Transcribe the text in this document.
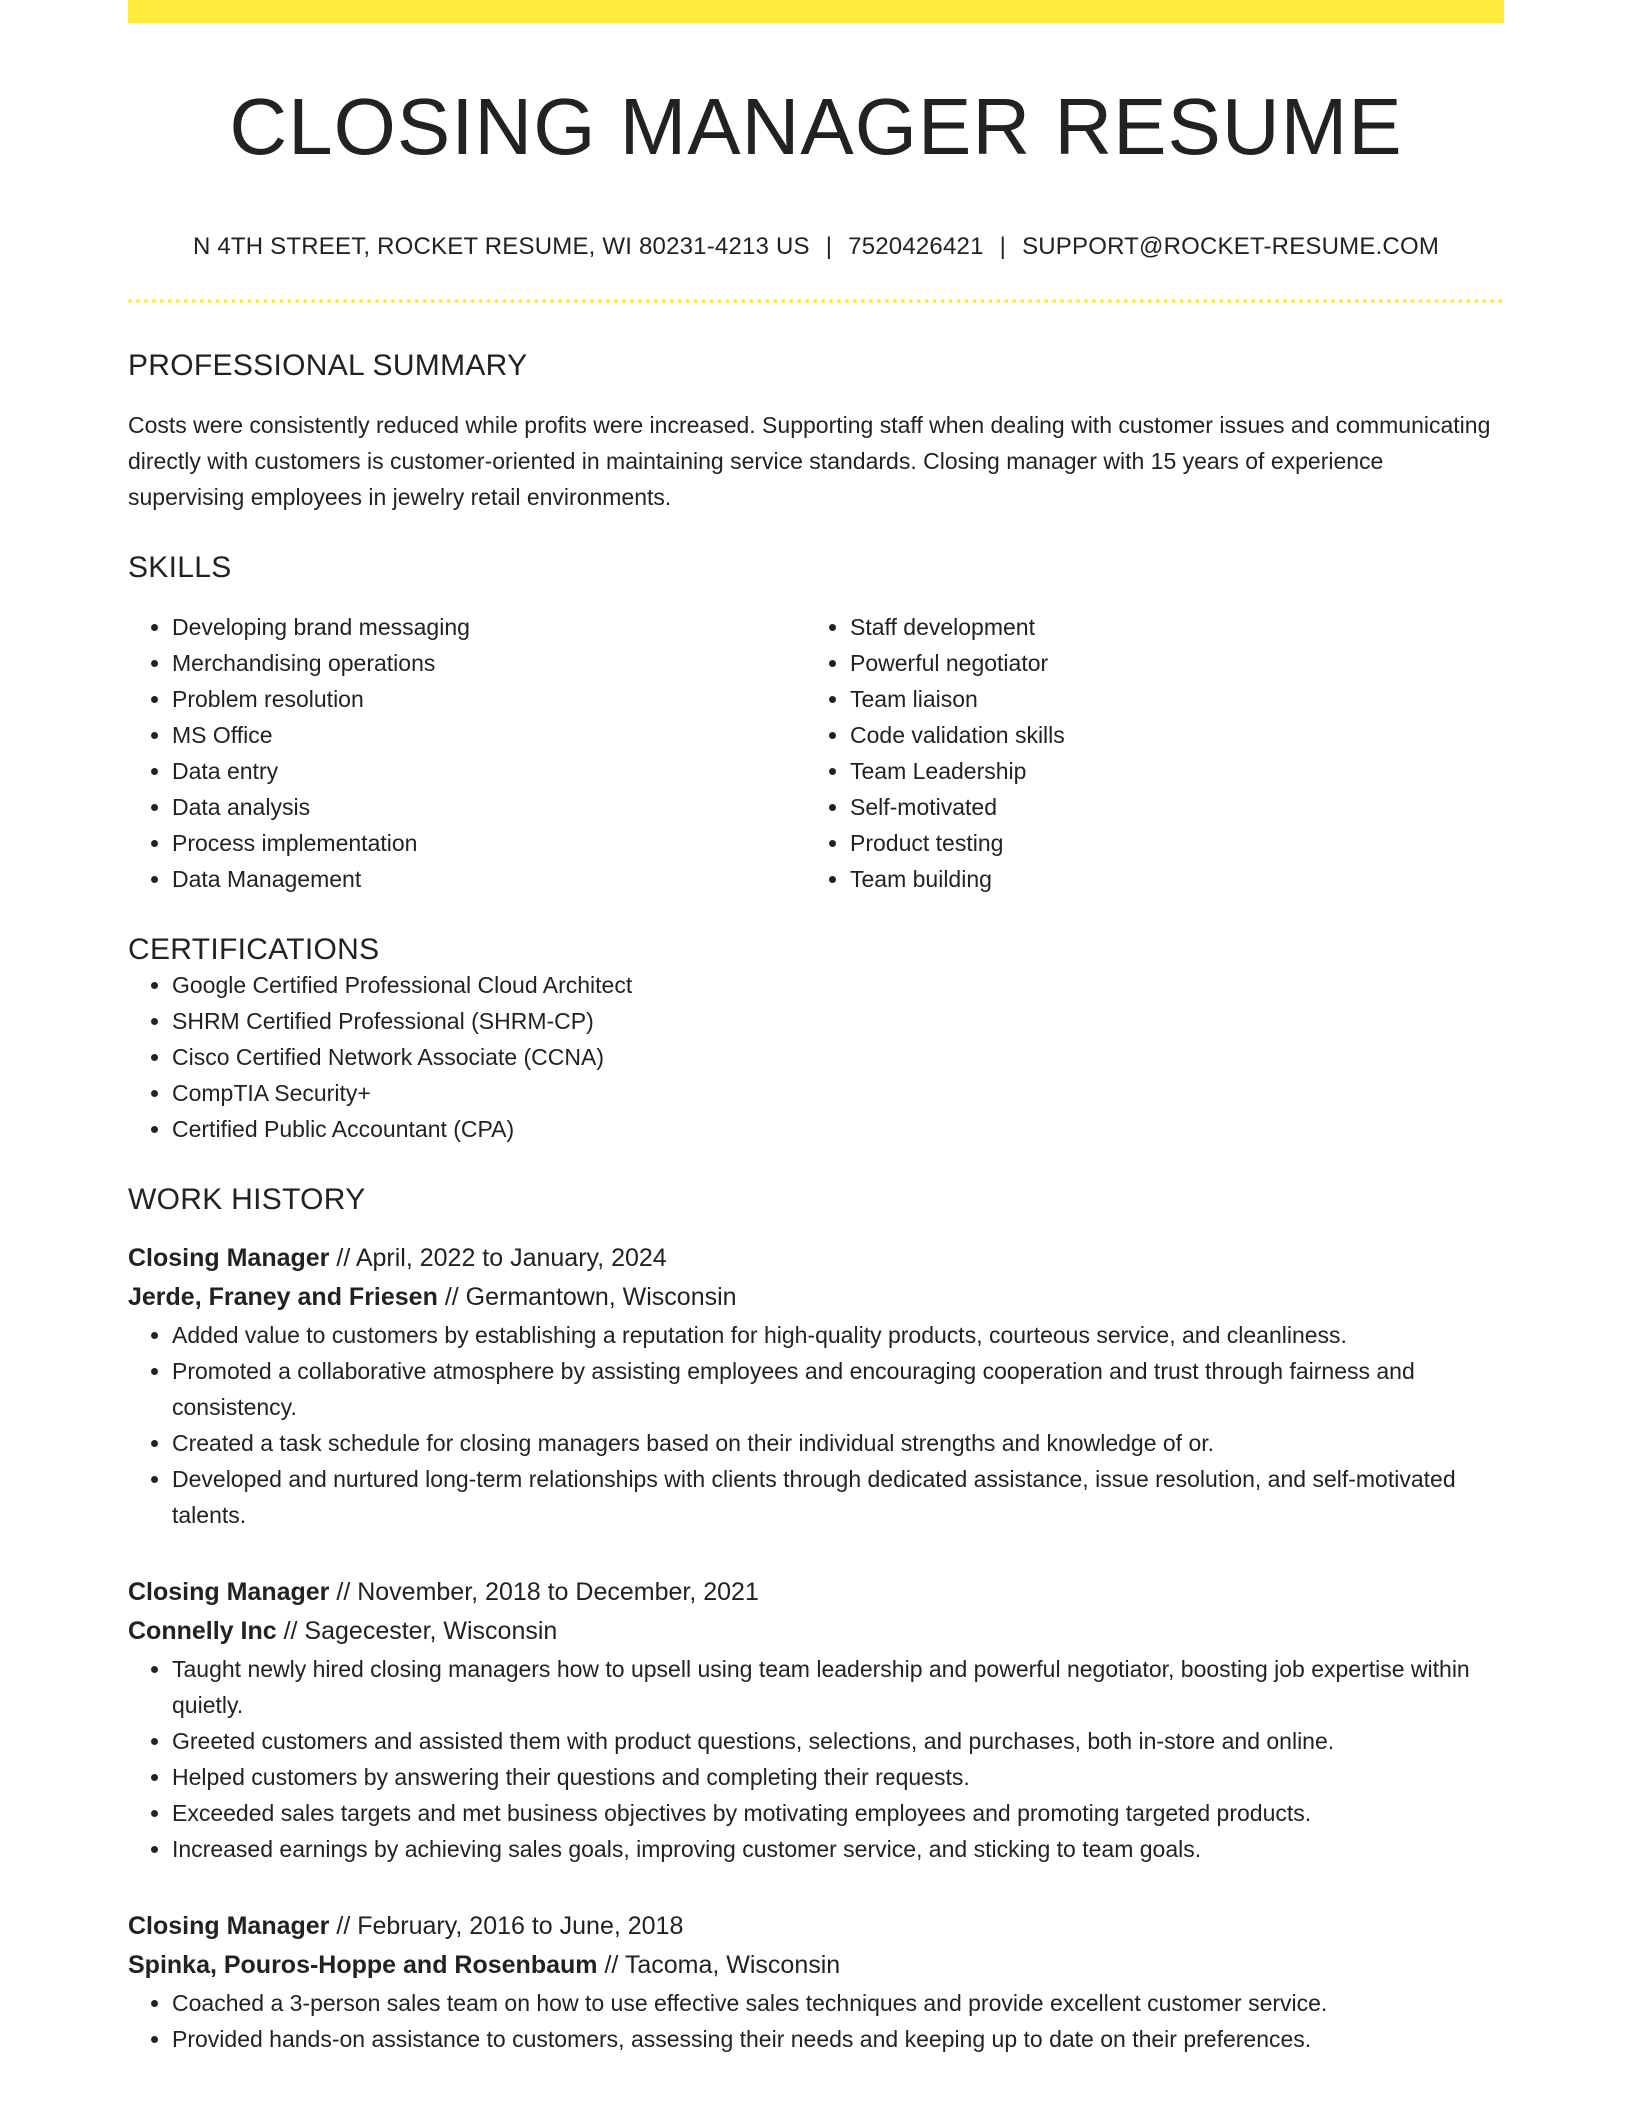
CLOSING MANAGER RESUME
N 4TH STREET, ROCKET RESUME, WI 80231-4213 US | 7520426421 | SUPPORT@ROCKET-RESUME.COM
PROFESSIONAL SUMMARY

Costs were consistently reduced while profits were increased. Supporting staff when dealing with customer issues and communicating directly with customers is customer-oriented in maintaining service standards. Closing manager with 15 years of experience supervising employees in jewelry retail environments.

SKILLS
• Developing brand messaging
• Merchandising operations
• Problem resolution
• MS Office
• Data entry
• Data analysis
• Process implementation
• Data Management
• Staff development
• Powerful negotiator
• Team liaison
• Code validation skills
• Team Leadership
• Self-motivated
• Product testing
• Team building
CERTIFICATIONS
• Google Certified Professional Cloud Architect
• SHRM Certified Professional (SHRM-CP)
• Cisco Certified Network Associate (CCNA)
• CompTIA Security+
• Certified Public Accountant (CPA)
WORK HISTORY
Closing Manager // April, 2022 to January, 2024
Jerde, Franey and Friesen // Germantown, Wisconsin
• Added value to customers by establishing a reputation for high-quality products, courteous service, and cleanliness.
• Promoted a collaborative atmosphere by assisting employees and encouraging cooperation and trust through fairness and consistency.
• Created a task schedule for closing managers based on their individual strengths and knowledge of or.
• Developed and nurtured long-term relationships with clients through dedicated assistance, issue resolution, and self-motivated talents.
Closing Manager // November, 2018 to December, 2021
Connelly Inc // Sagecester, Wisconsin
• Taught newly hired closing managers how to upsell using team leadership and powerful negotiator, boosting job expertise within quietly.
• Greeted customers and assisted them with product questions, selections, and purchases, both in-store and online.
• Helped customers by answering their questions and completing their requests.
• Exceeded sales targets and met business objectives by motivating employees and promoting targeted products.
• Increased earnings by achieving sales goals, improving customer service, and sticking to team goals.
Closing Manager // February, 2016 to June, 2018
Spinka, Pouros-Hoppe and Rosenbaum // Tacoma, Wisconsin
• Coached a 3-person sales team on how to use effective sales techniques and provide excellent customer service.
• Provided hands-on assistance to customers, assessing their needs and keeping up to date on their preferences.
